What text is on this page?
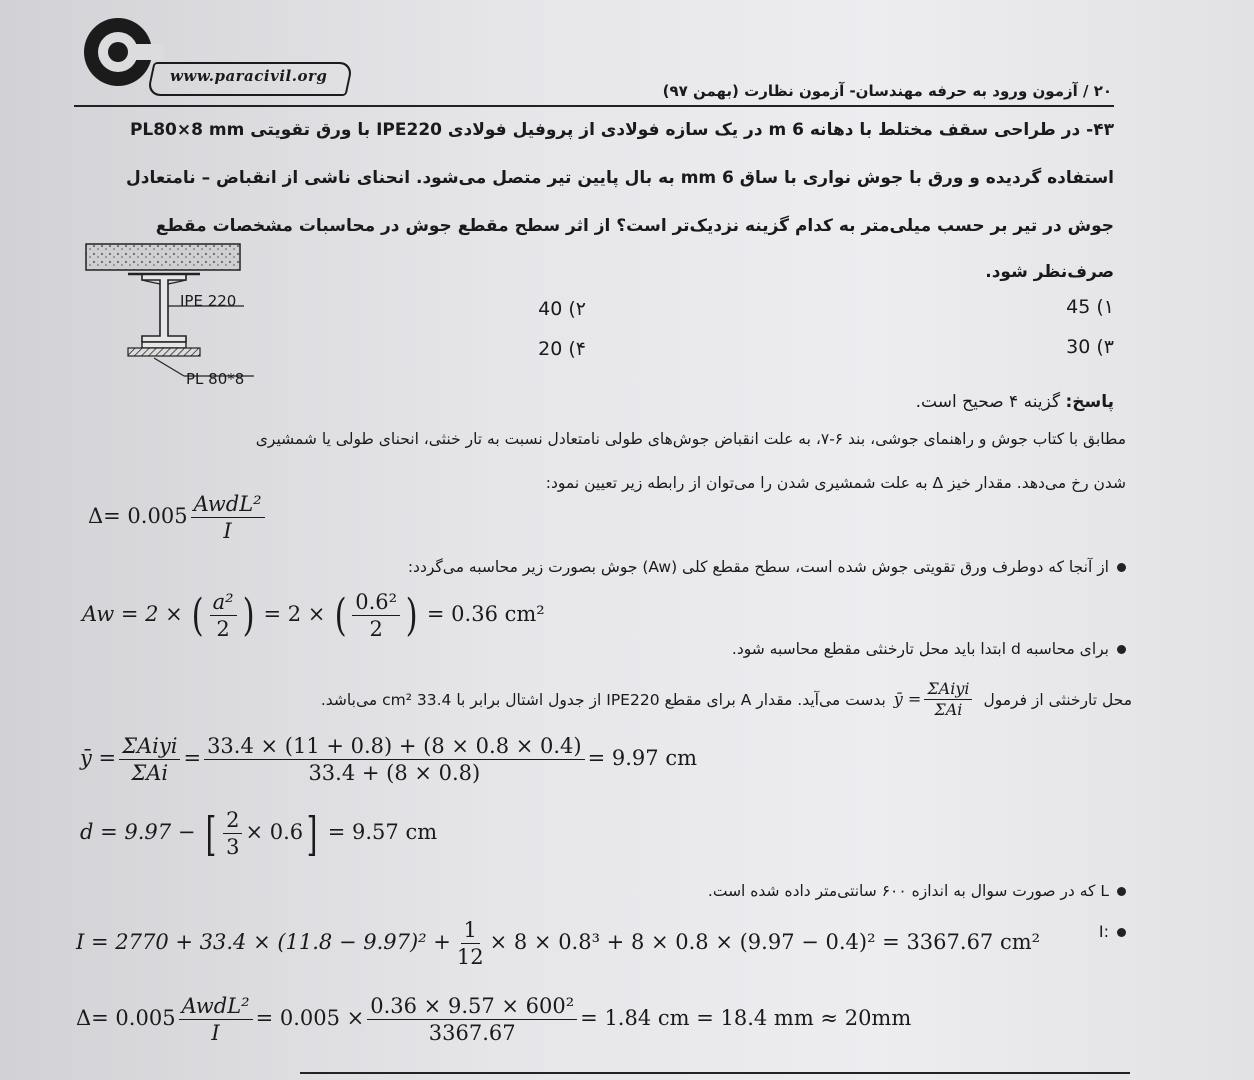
www.paracivil.org
۲۰ / آزمون ورود به حرفه مهندسان- آزمون نظارت (بهمن ۹۷)
۴۳- در طراحی سقف مختلط با دهانه 6 m در یک سازه فولادی از پروفیل فولادی IPE220 با ورق تقویتی PL80×8 mm
استفاده گردیده و ورق با جوش نواری با ساق 6 mm به بال پایین تیر متصل می‌شود. انحنای ناشی از انقباض – نامتعادل
جوش در تیر بر حسب میلی‌متر به کدام گزینه نزدیک‌تر است؟ از اثر سطح مقطع جوش در محاسبات مشخصات مقطع
صرف‌نظر شود.
۱) 45
۲) 40
۳) 30
۴) 20
IPE 220
PL 80*8
پاسخ: گزینه ۴ صحیح است.
مطابق با کتاب جوش و راهنمای جوشی، بند ۶-۷، به علت انقباض جوش‌های طولی نامتعادل نسبت به تار خنثی، انحنای طولی یا شمشیری
شدن رخ می‌دهد. مقدار خیز Δ به علت شمشیری شدن را می‌توان از رابطه زیر تعیین نمود:
$\Delta= 0.005 \frac{\text{AwdL²}}{I}$
از آنجا که دوطرف ورق تقویتی جوش شده است، سطح مقطع کلی (Aw) جوش بصورت زیر محاسبه می‌گردد:
Aw = 2 × ( $\frac{\text{a²}}{2}$ ) = 2 × ( $\frac{\text{0.6²}}{2}$ ) = 0.36 cm²
برای محاسبه d ابتدا باید محل تارخنثی مقطع محاسبه شود.
محل تارخنثی از فرمول
ȳ = $\frac{\text{ΣAiyi}}{\text{ΣAi}}$
بدست می‌آید. مقدار A برای مقطع IPE220 از جدول اشتال برابر با 33.4 cm² می‌باشد.
ȳ = $\frac{\text{ΣAiyi}}{\text{ΣAi}} = \frac{33.4 \times (11 + 0.8) + (8 \times 0.8 \times 0.4)}{33.4 + (8 \times 0.8)} = 9.97$ cm
d = 9.97 − [ $\frac{2}{3} \times 0.6] = 9.57$ cm
L که در صورت سوال به اندازه ۶۰۰ سانتی‌متر داده شده است.
:I
$I = 2770 + 33.4 \times (11.8 - 9.97)^2 + \frac{1}{12} \times 8 \times 0.8^3 + 8 \times 0.8 \times (9.97 - 0.4)^2 = 3367.67$ cm²
$\Delta= 0.005 \frac{\text{AwdL²}}{I} = 0.005 \times \frac{\text{0.36 × 9.57 × 600²}}{3367.67} = 1.84$ cm = 18.4 mm ≈ 20mm
